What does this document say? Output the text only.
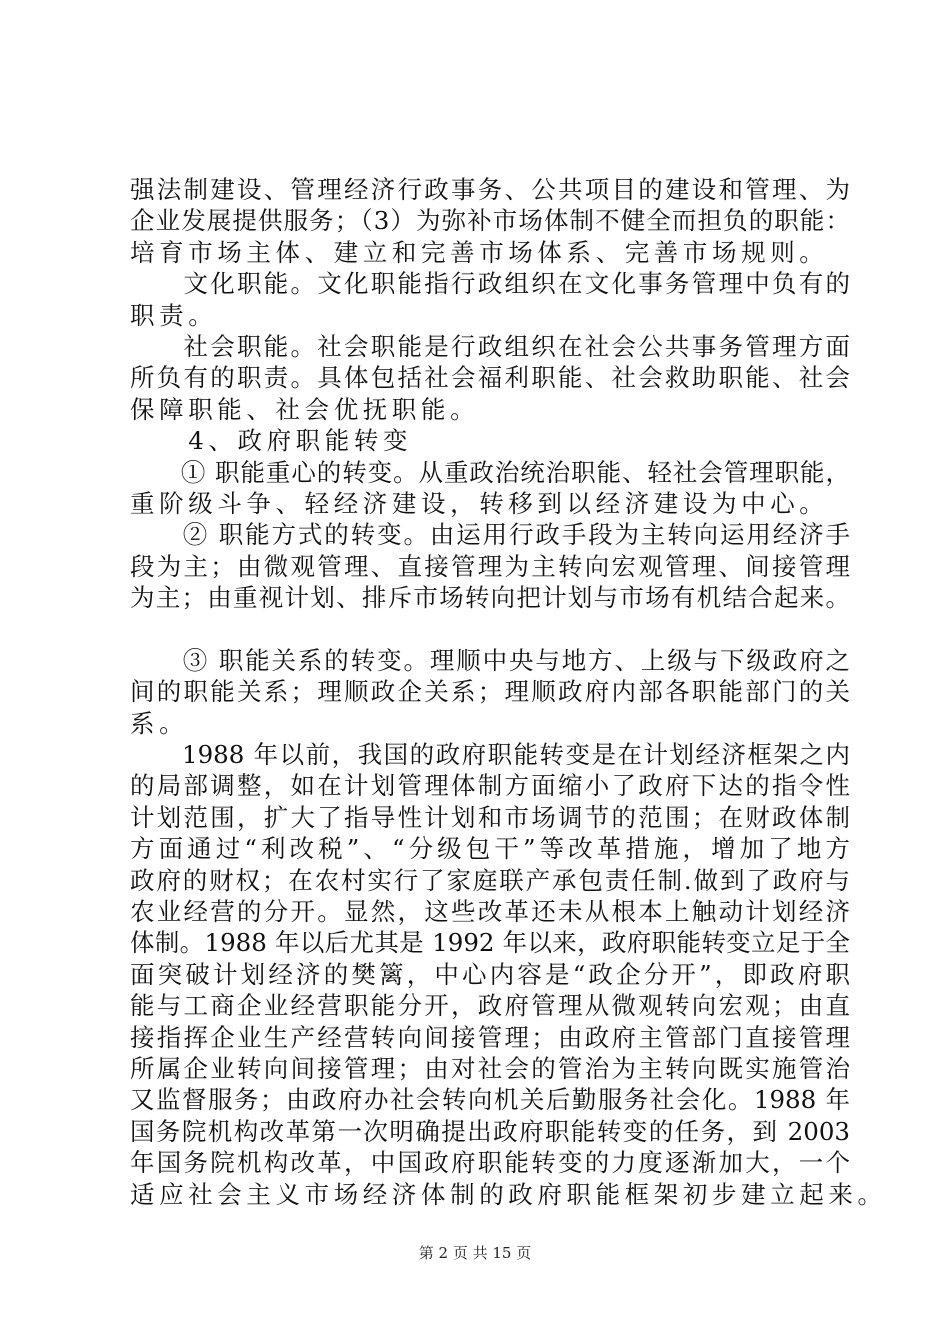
强法制建设、管理经济行政事务、公共项目的建设和管理、为
企业发展提供服务；（3）为弥补市场体制不健全而担负的职能：
培育市场主体、建立和完善市场体系、完善市场规则。
　　文化职能。文化职能指行政组织在文化事务管理中负有的
职责。
　　社会职能。社会职能是行政组织在社会公共事务管理方面
所负有的职责。具体包括社会福利职能、社会救助职能、社会
保障职能、社会优抚职能。
　　4、政府职能转变
　　① 职能重心的转变。从重政治统治职能、轻社会管理职能，
重阶级斗争、轻经济建设，转移到以经济建设为中心。
　　② 职能方式的转变。由运用行政手段为主转向运用经济手
段为主；由微观管理、直接管理为主转向宏观管理、间接管理
为主；由重视计划、排斥市场转向把计划与市场有机结合起来。
　　③ 职能关系的转变。理顺中央与地方、上级与下级政府之
间的职能关系；理顺政企关系；理顺政府内部各职能部门的关
系。
　　1988 年以前，我国的政府职能转变是在计划经济框架之内
的局部调整，如在计划管理体制方面缩小了政府下达的指令性
计划范围，扩大了指导性计划和市场调节的范围；在财政体制
方面通过“利改税”、“分级包干”等改革措施，增加了地方
政府的财权；在农村实行了家庭联产承包责任制.做到了政府与
农业经营的分开。显然，这些改革还未从根本上触动计划经济
体制。1988 年以后尤其是 1992 年以来，政府职能转变立足于全
面突破计划经济的樊篱，中心内容是“政企分开”，即政府职
能与工商企业经营职能分开，政府管理从微观转向宏观；由直
接指挥企业生产经营转向间接管理；由政府主管部门直接管理
所属企业转向间接管理；由对社会的管治为主转向既实施管治
又监督服务；由政府办社会转向机关后勤服务社会化。1988 年
国务院机构改革第一次明确提出政府职能转变的任务，到 2003
年国务院机构改革，中国政府职能转变的力度逐渐加大，一个
适应社会主义市场经济体制的政府职能框架初步建立起来。
第 2 页 共 15 页
